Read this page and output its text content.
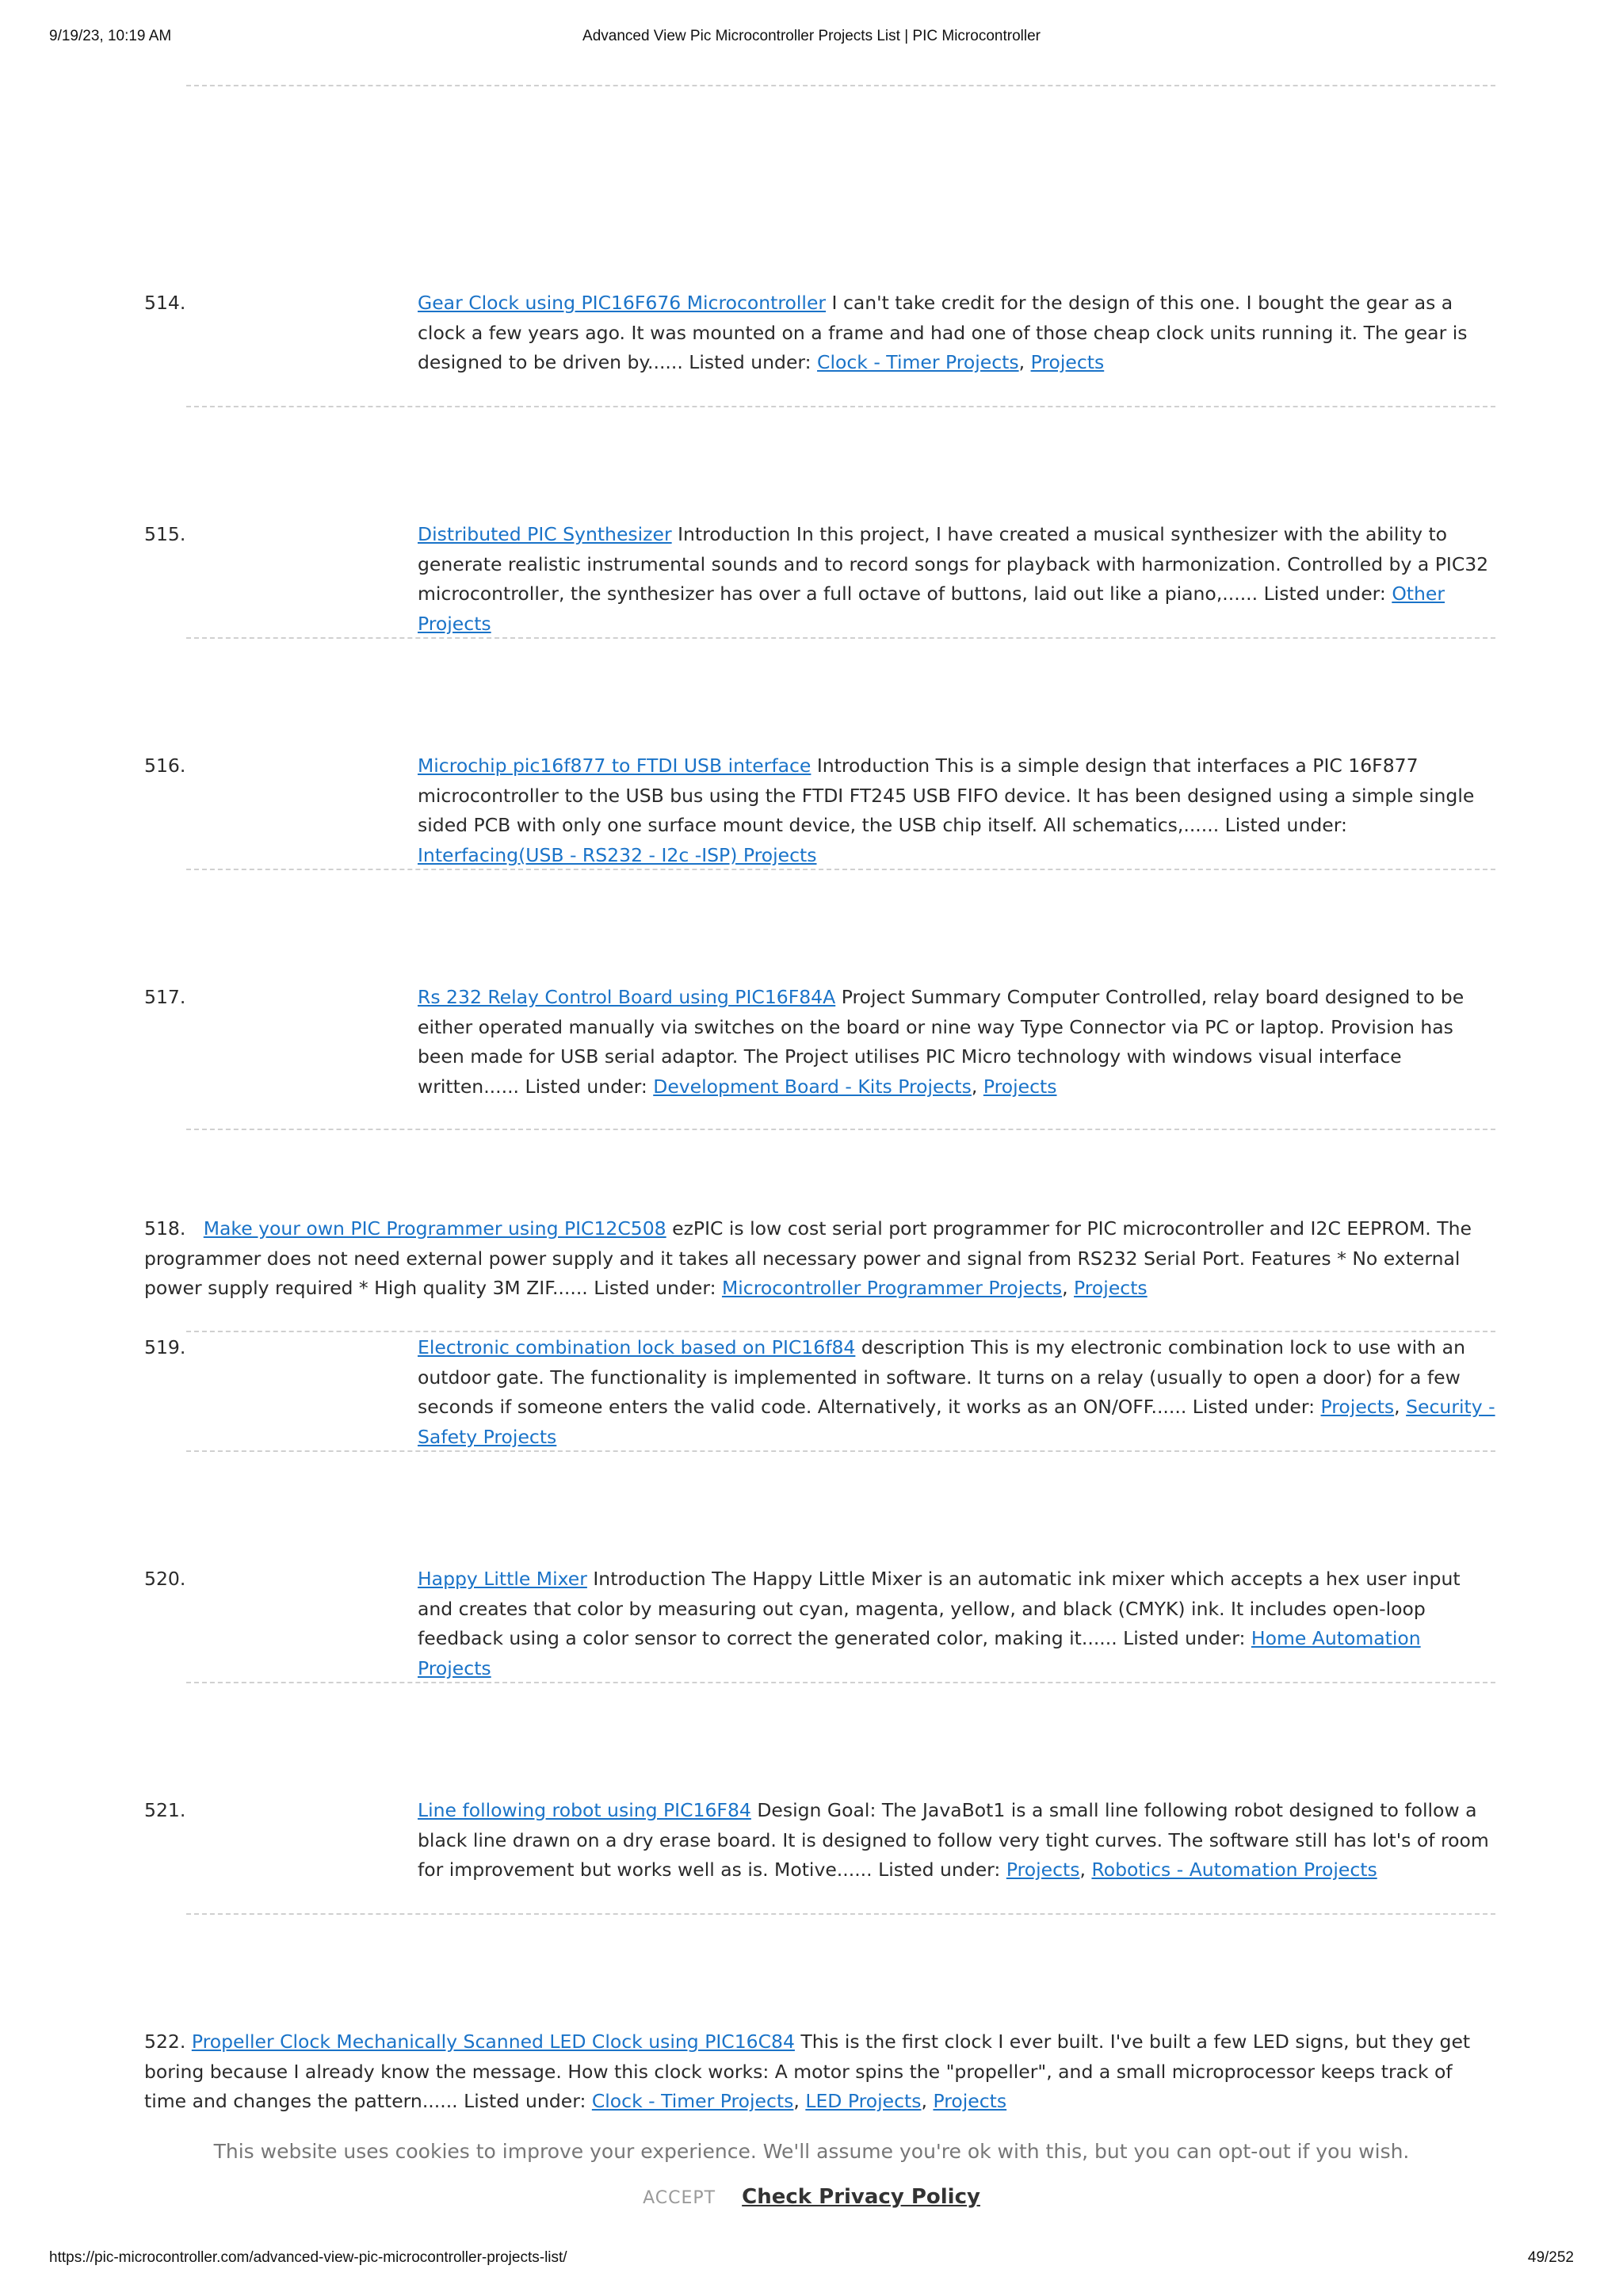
9/19/23, 10:19 AM	Advanced View Pic Microcontroller Projects List | PIC Microcontroller
514.	Gear Clock using PIC16F676 Microcontroller I can't take credit for the design of this one. I bought the gear as a clock a few years ago. It was mounted on a frame and had one of those cheap clock units running it. The gear is designed to be driven by...... Listed under: Clock - Timer Projects, Projects
515.	Distributed PIC Synthesizer Introduction In this project, I have created a musical synthesizer with the ability to generate realistic instrumental sounds and to record songs for playback with harmonization. Controlled by a PIC32 microcontroller, the synthesizer has over a full octave of buttons, laid out like a piano,...... Listed under: Other Projects
516.	Microchip pic16f877 to FTDI USB interface Introduction This is a simple design that interfaces a PIC 16F877 microcontroller to the USB bus using the FTDI FT245 USB FIFO device. It has been designed using a simple single sided PCB with only one surface mount device, the USB chip itself. All schematics,...... Listed under: Interfacing(USB - RS232 - I2c -ISP) Projects
517.	Rs 232 Relay Control Board using PIC16F84A Project Summary Computer Controlled, relay board designed to be either operated manually via switches on the board or nine way Type Connector via PC or laptop. Provision has been made for USB serial adaptor. The Project utilises PIC Micro technology with windows visual interface written...... Listed under: Development Board - Kits Projects, Projects
518. Make your own PIC Programmer using PIC12C508 ezPIC is low cost serial port programmer for PIC microcontroller and I2C EEPROM. The programmer does not need external power supply and it takes all necessary power and signal from RS232 Serial Port. Features * No external power supply required * High quality 3M ZIF...... Listed under: Microcontroller Programmer Projects, Projects
519.	Electronic combination lock based on PIC16f84 description This is my electronic combination lock to use with an outdoor gate. The functionality is implemented in software. It turns on a relay (usually to open a door) for a few seconds if someone enters the valid code. Alternatively, it works as an ON/OFF...... Listed under: Projects, Security - Safety Projects
520.	Happy Little Mixer Introduction The Happy Little Mixer is an automatic ink mixer which accepts a hex user input and creates that color by measuring out cyan, magenta, yellow, and black (CMYK) ink. It includes open-loop feedback using a color sensor to correct the generated color, making it...... Listed under: Home Automation Projects
521.	Line following robot using PIC16F84 Design Goal: The JavaBot1 is a small line following robot designed to follow a black line drawn on a dry erase board. It is designed to follow very tight curves. The software still has lot's of room for improvement but works well as is. Motive...... Listed under: Projects, Robotics - Automation Projects
522. Propeller Clock Mechanically Scanned LED Clock using PIC16C84 This is the first clock I ever built. I've built a few LED signs, but they get boring because I already know the message. How this clock works: A motor spins the "propeller", and a small microprocessor keeps track of time and changes the pattern...... Listed under: Clock - Timer Projects, LED Projects, Projects
This website uses cookies to improve your experience. We'll assume you're ok with this, but you can opt-out if you wish.
ACCEPT Check Privacy Policy
https://pic-microcontroller.com/advanced-view-pic-microcontroller-projects-list/	49/252
